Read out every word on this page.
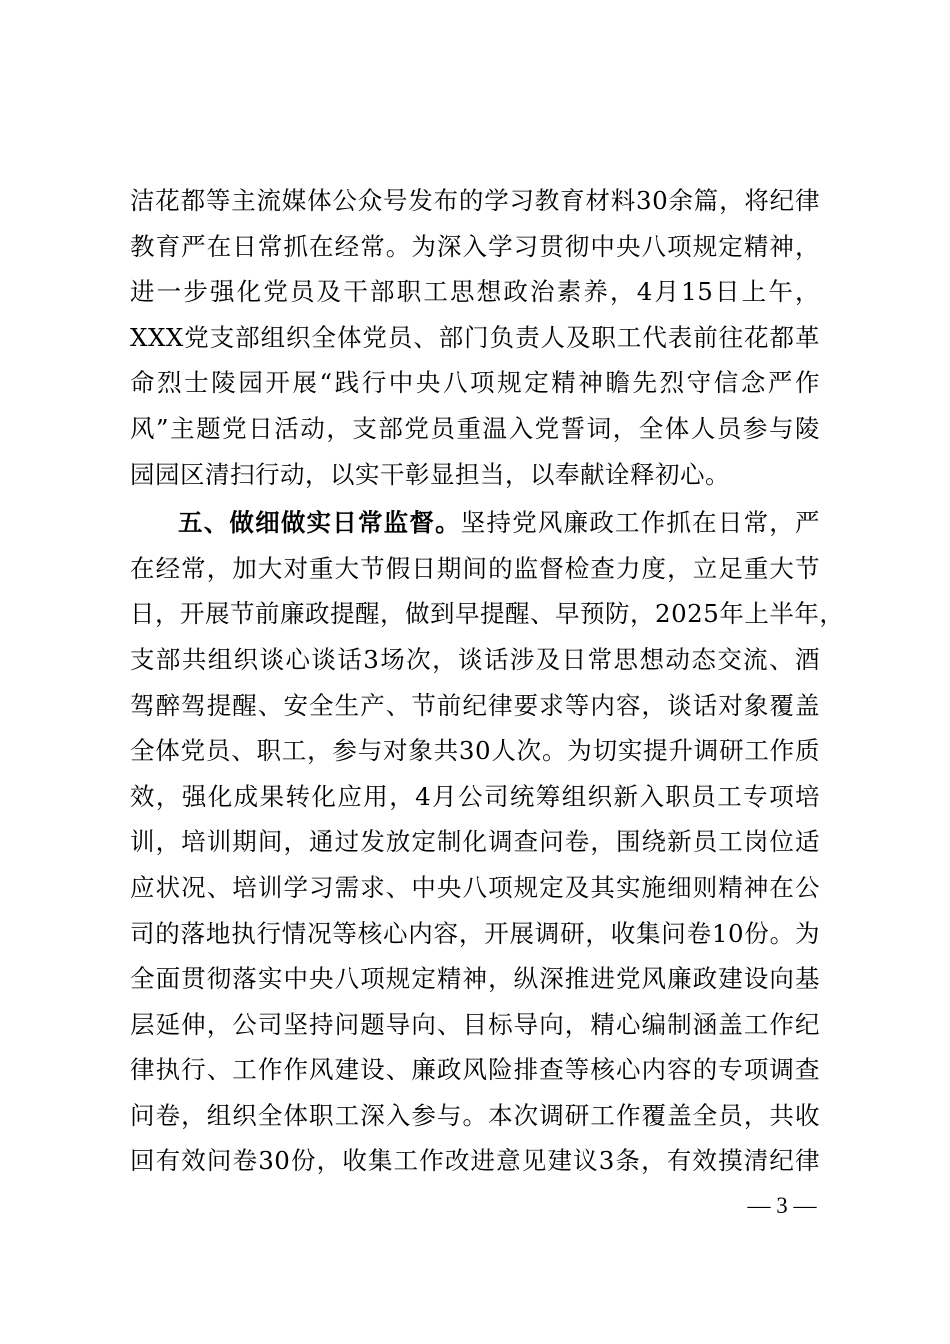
洁花都等主流媒体公众号发布的学习教育材料30余篇，将纪律
教育严在日常抓在经常。为深入学习贯彻中央八项规定精神，
进一步强化党员及干部职工思想政治素养，4月15日上午，
XXX党支部组织全体党员、部门负责人及职工代表前往花都革
命烈士陵园开展“践行中央八项规定精神瞻先烈守信念严作
风”主题党日活动，支部党员重温入党誓词，全体人员参与陵
园园区清扫行动，以实干彰显担当，以奉献诠释初心。
五、做细做实日常监督。坚持党风廉政工作抓在日常，严
在经常，加大对重大节假日期间的监督检查力度，立足重大节
日，开展节前廉政提醒，做到早提醒、早预防，2025年上半年，
支部共组织谈心谈话3场次，谈话涉及日常思想动态交流、酒
驾醉驾提醒、安全生产、节前纪律要求等内容，谈话对象覆盖
全体党员、职工，参与对象共30人次。为切实提升调研工作质
效，强化成果转化应用，4月公司统筹组织新入职员工专项培
训，培训期间，通过发放定制化调查问卷，围绕新员工岗位适
应状况、培训学习需求、中央八项规定及其实施细则精神在公
司的落地执行情况等核心内容，开展调研，收集问卷10份。为
全面贯彻落实中央八项规定精神，纵深推进党风廉政建设向基
层延伸，公司坚持问题导向、目标导向，精心编制涵盖工作纪
律执行、工作作风建设、廉政风险排查等核心内容的专项调查
问卷，组织全体职工深入参与。本次调研工作覆盖全员，共收
回有效问卷30份，收集工作改进意见建议3条，有效摸清纪律
— 3 —
